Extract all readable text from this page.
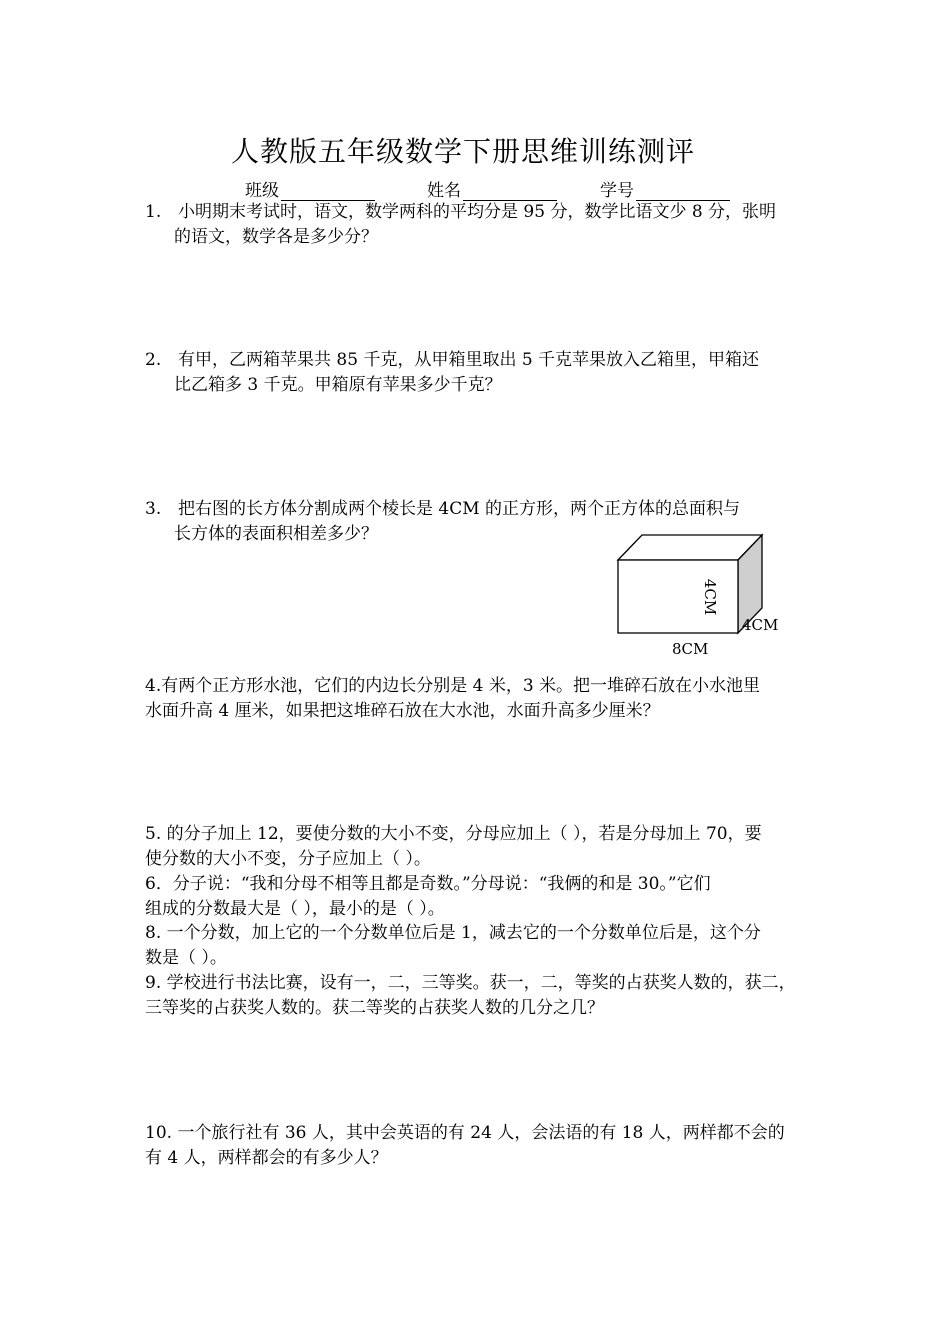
人教版五年级数学下册思维训练测评
班级	姓名	学号
1. 小明期末考试时，语文，数学两科的平均分是 95 分，数学比语文少 8 分，张明
的语文，数学各是多少分？
2. 有甲，乙两箱苹果共 85 千克，从甲箱里取出 5 千克苹果放入乙箱里，甲箱还
比乙箱多 3 千克。甲箱原有苹果多少千克？
3. 把右图的长方体分割成两个棱长是 4CM 的正方形，两个正方体的总面积与
长方体的表面积相差多少？
4CM
4CM
8CM
4.有两个正方形水池，它们的内边长分别是 4 米，3 米。把一堆碎石放在小水池里
水面升高 4 厘米，如果把这堆碎石放在大水池，水面升高多少厘米？
5. 的分子加上 12，要使分数的大小不变，分母应加上（ ），若是分母加上 70，要
使分数的大小不变，分子应加上（ ）。
6．分子说：“我和分母不相等且都是奇数。”分母说：“我俩的和是 30。”它们
组成的分数最大是（ ），最小的是（ ）。
8. 一个分数，加上它的一个分数单位后是 1，减去它的一个分数单位后是，这个分
数是（ ）。
9. 学校进行书法比赛，设有一，二，三等奖。获一，二，等奖的占获奖人数的，获二，
三等奖的占获奖人数的。获二等奖的占获奖人数的几分之几？
10. 一个旅行社有 36 人，其中会英语的有 24 人，会法语的有 18 人，两样都不会的
有 4 人，两样都会的有多少人？
